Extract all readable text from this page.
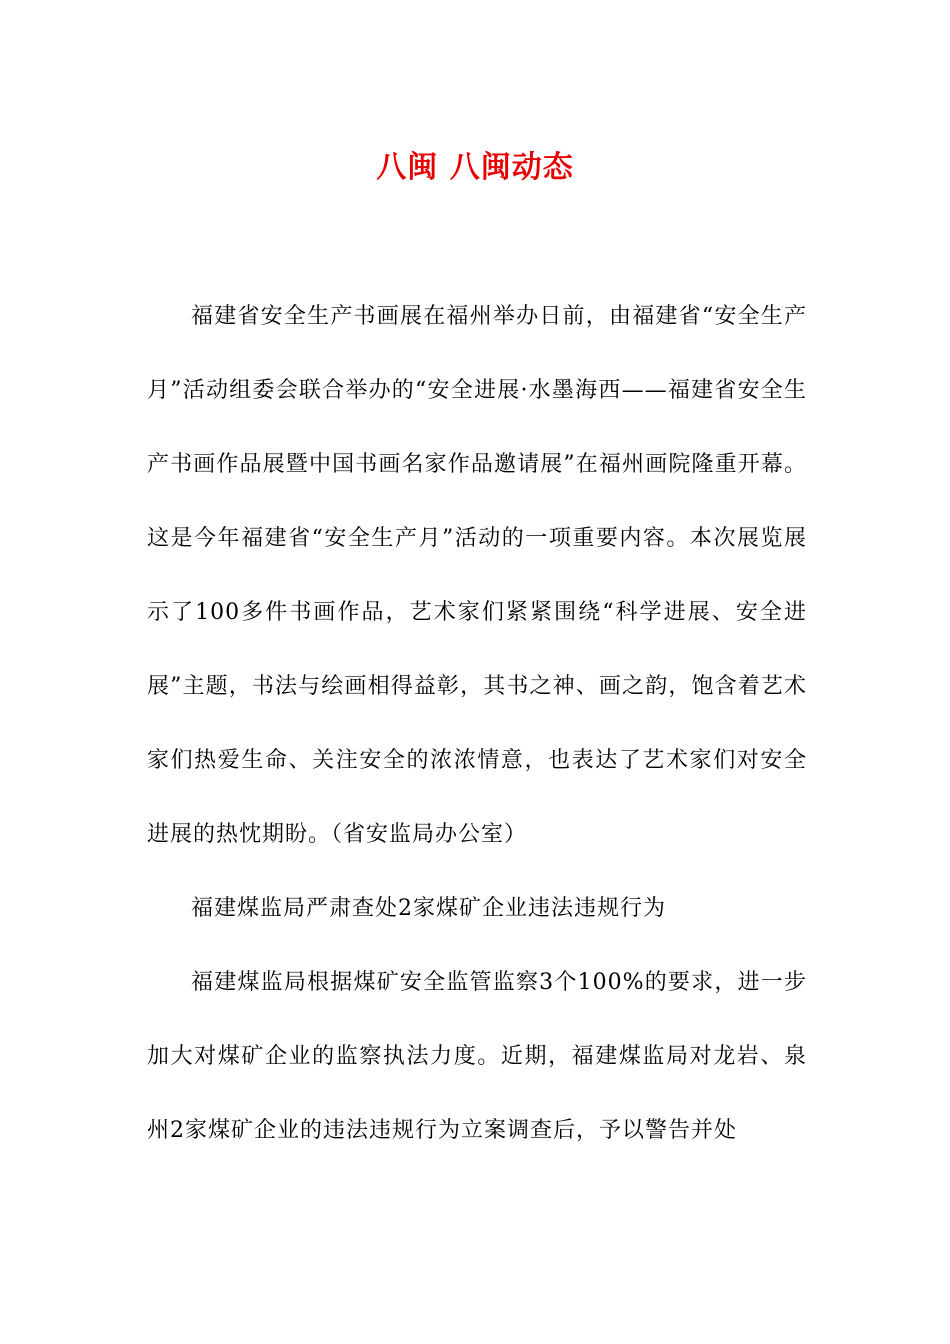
八闽 八闽动态

福建省安全生产书画展在福州举办日前，由福建省“安全生产月”活动组委会联合举办的“安全进展·水墨海西——福建省安全生产书画作品展暨中国书画名家作品邀请展”在福州画院隆重开幕。这是今年福建省“安全生产月”活动的一项重要内容。本次展览展示了100多件书画作品，艺术家们紧紧围绕“科学进展、安全进展”主题，书法与绘画相得益彰，其书之神、画之韵，饱含着艺术家们热爱生命、关注安全的浓浓情意，也表达了艺术家们对安全进展的热忱期盼。（省安监局办公室）

福建煤监局严肃查处2家煤矿企业违法违规行为

福建煤监局根据煤矿安全监管监察3个100%的要求，进一步加大对煤矿企业的监察执法力度。近期，福建煤监局对龙岩、泉州2家煤矿企业的违法违规行为立案调查后，予以警告并处
